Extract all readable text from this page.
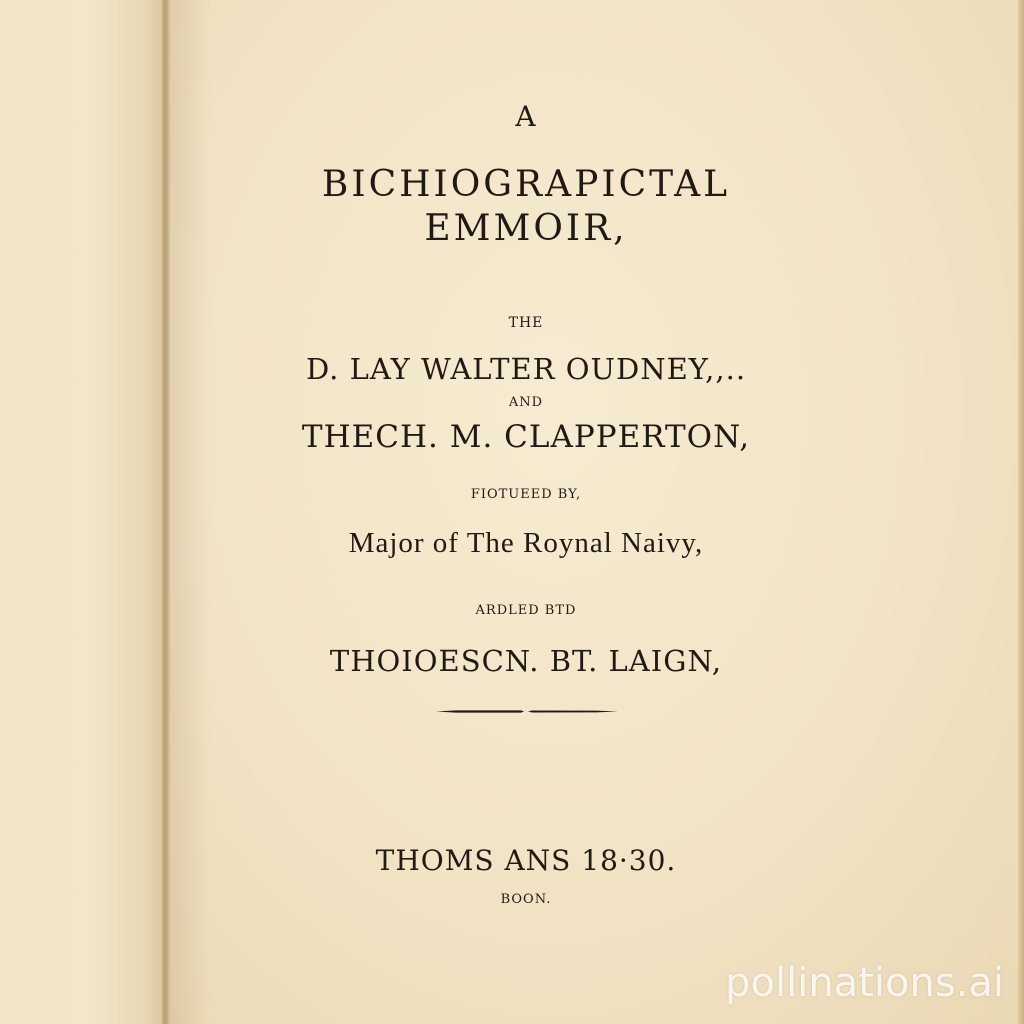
A
BICHIOGRAPICTAL
EMMOIR,
THE
D. LAY WALTER OUDNEY,,..
AND
THECH. M. CLAPPERTON,
FIOTUEED BY,
Major of The Roynal Naivy,
ARDLED BTD
THOIOESCN. BT. LAIGN,
THOMS ANS 18·30.
BOON.
pollinations.ai
